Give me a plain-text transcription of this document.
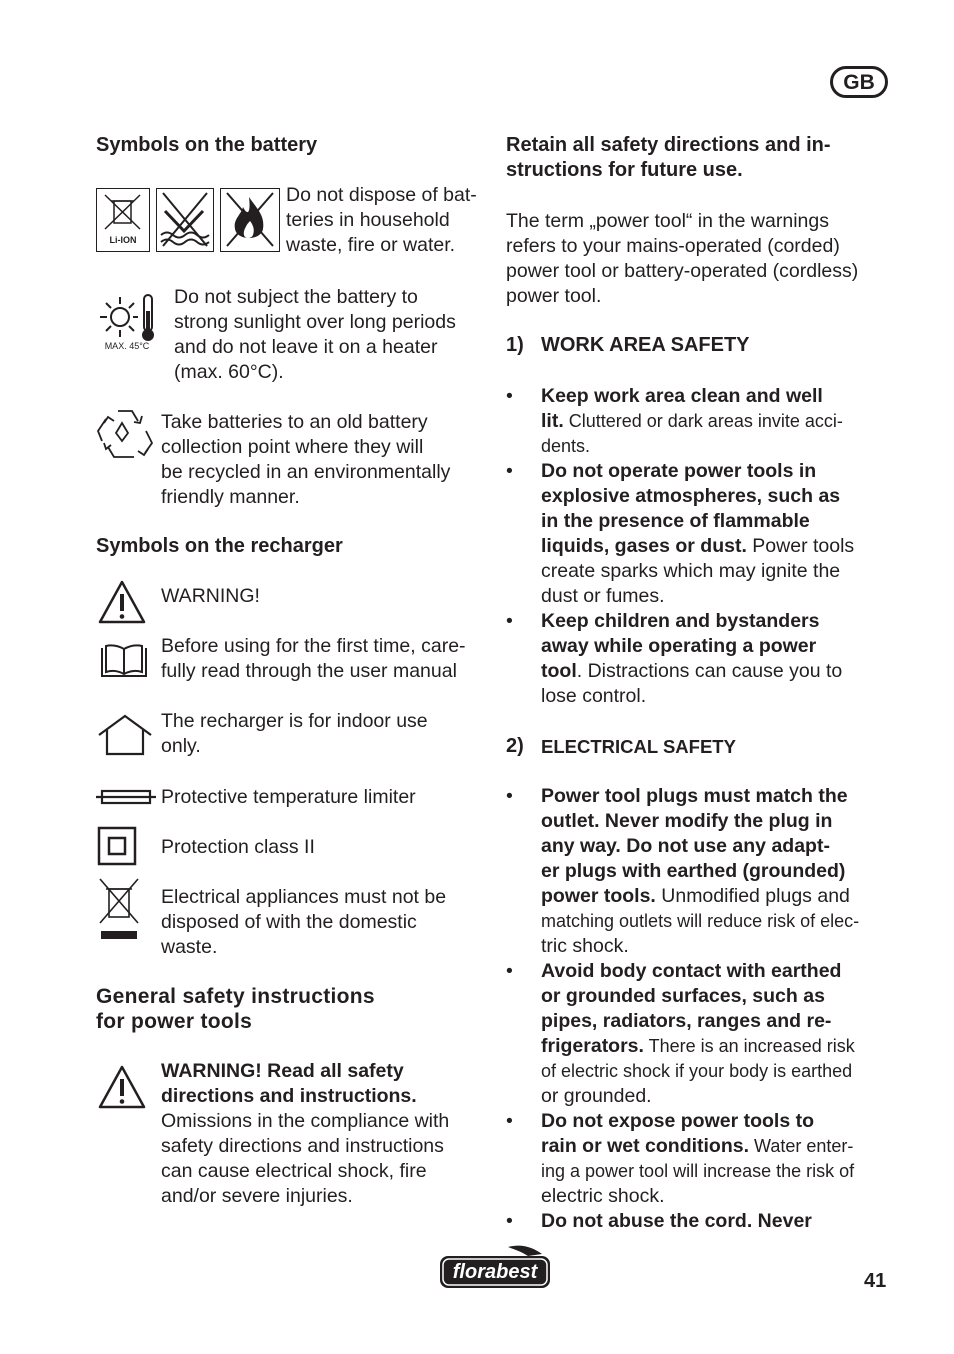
GB
Symbols on the battery
Li-ION
Do not dispose of bat-
teries in household
waste, fire or water.
MAX. 45°C
Do not subject the battery to
strong sunlight over long periods
and do not leave it on a heater
(max. 60°C).
Take batteries to an old battery
collection point where they will
be recycled in an environmentally
friendly manner.
Symbols on the recharger
WARNING!
Before using for the first time, care-
fully read through the user manual
The recharger is for indoor use
only.
Protective temperature limiter
Protection class II
Electrical appliances must not be
disposed of with the domestic
waste.
General safety instructions
for power tools
WARNING! Read all safety
directions and instructions.
Omissions in the compliance with
safety directions and instructions
can cause electrical shock, fire
and/or severe injuries.
Retain all safety directions and in-
structions for future use.
The term „power tool“ in the warnings
refers to your mains-operated (corded)
power tool or battery-operated (cordless)
power tool.
1) WORK AREA SAFETY
• Keep work area clean and well
lit. Cluttered or dark areas invite acci-
dents.
• Do not operate power tools in
explosive atmospheres, such as
in the presence of flammable
liquids, gases or dust. Power tools
create sparks which may ignite the
dust or fumes.
• Keep children and bystanders
away while operating a power
tool. Distractions can cause you to
lose control.
2) ELECTRICAL SAFETY
• Power tool plugs must match the
outlet. Never modify the plug in
any way. Do not use any adapt-
er plugs with earthed (grounded)
power tools. Unmodified plugs and
matching outlets will reduce risk of elec-
tric shock.
• Avoid body contact with earthed
or grounded surfaces, such as
pipes, radiators, ranges and re-
frigerators. There is an increased risk
of electric shock if your body is earthed
or grounded.
• Do not expose power tools to
rain or wet conditions. Water enter-
ing a power tool will increase the risk of
electric shock.
• Do not abuse the cord. Never
florabest	41
